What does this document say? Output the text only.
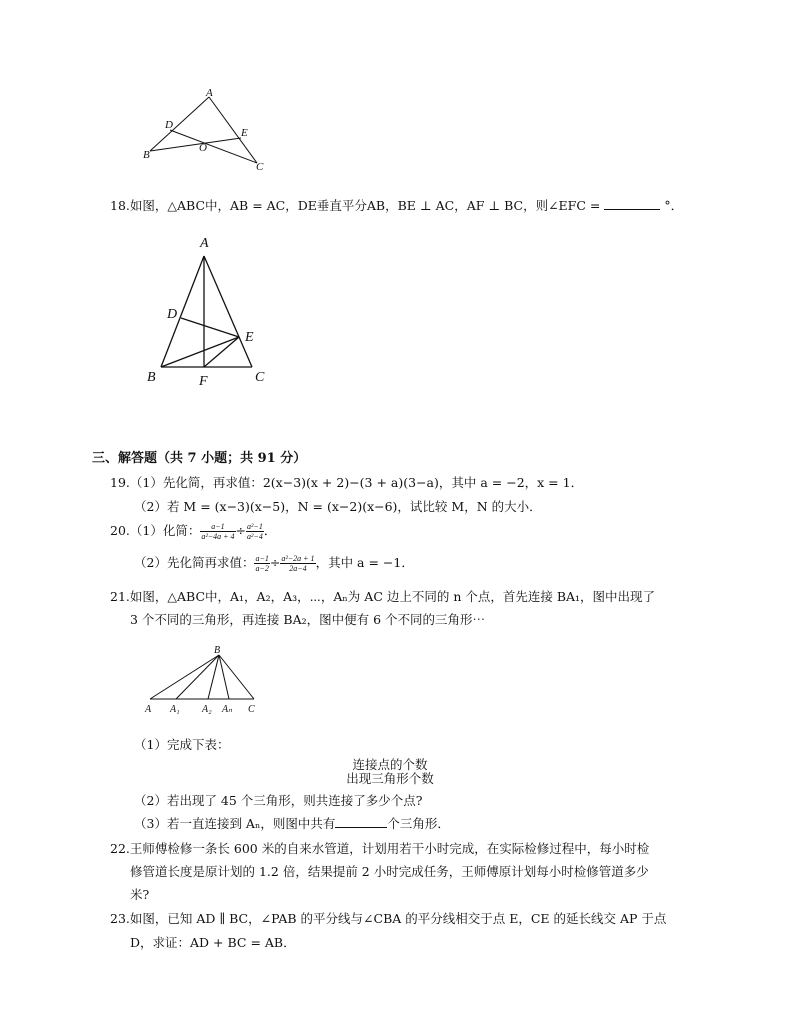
A
B
C
D
E
O
18.如图，△ABC中，AB = AC，DE垂直平分AB，BE ⊥ AC，AF ⊥ BC，则∠EFC =	°．
A
B	C
D
E
F
三、解答题（共 7 小题；共 91 分）
19.（1）先化简，再求值：2(x−3)(x + 2)−(3 + a)(3−a)，其中 a = −2，x = 1．
（2）若 M = (x−3)(x−5)，N = (x−2)(x−6)，试比较 M，N 的大小．
20.（1）化简： $\frac{a-1}{\text{a²−4a + 4}} \div \frac{\text{a²−1}}{\text{a²−4}}$ ．
（2）先化简再求值： $\frac{a-1}{a-2} \div \frac{\text{a²−2a + 1}}{2a-4}$ ，其中 a = −1．
21.如图，△ABC中，A₁，A₂，A₃，⋯，Aₙ为 AC 边上不同的 n 个点，首先连接 BA₁，图中出现了
3 个不同的三角形，再连接 BA₂，图中便有 6 个不同的三角形⋯
B
A A₁ A₂ Aₙ C
（1）完成下表：
连接点的个数
出现三角形个数
（2）若出现了 45 个三角形，则共连接了多少个点?
（3）若一直连接到 Aₙ，则图中共有	个三角形．
22.王师傅检修一条长 600 米的自来水管道，计划用若干小时完成，在实际检修过程中，每小时检
修管道长度是原计划的 1.2 倍，结果提前 2 小时完成任务，王师傅原计划每小时检修管道多少
米?
23.如图，已知 AD ∥ BC，∠PAB 的平分线与∠CBA 的平分线相交于点 E，CE 的延长线交 AP 于点
D，求证：AD + BC = AB．
